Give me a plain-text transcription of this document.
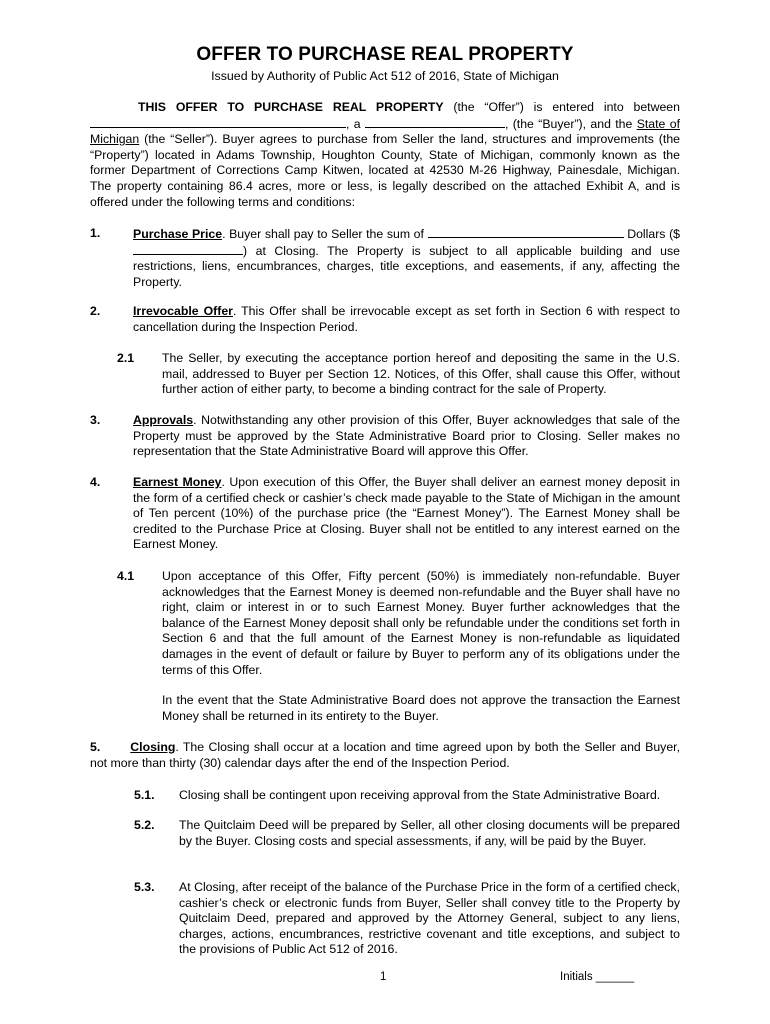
OFFER TO PURCHASE REAL PROPERTY
Issued by Authority of Public Act 512 of 2016, State of Michigan
THIS OFFER TO PURCHASE REAL PROPERTY (the “Offer”) is entered into between , a	, (the “Buyer”), and the State of Michigan (the “Seller”). Buyer agrees to purchase from Seller the land, structures and improvements (the “Property”) located in Adams Township, Houghton County, State of Michigan, commonly known as the former Department of Corrections Camp Kitwen, located at 42530 M-26 Highway, Painesdale, Michigan. The property containing 86.4 acres, more or less, is legally described on the attached Exhibit A, and is offered under the following terms and conditions:
1.	Purchase Price. Buyer shall pay to Seller the sum of	Dollars ($) at Closing. The Property is subject to all applicable building and use restrictions, liens, encumbrances, charges, title exceptions, and easements, if any, affecting the Property.
2.	Irrevocable Offer. This Offer shall be irrevocable except as set forth in Section 6 with respect to cancellation during the Inspection Period.
2.1 The Seller, by executing the acceptance portion hereof and depositing the same in the U.S. mail, addressed to Buyer per Section 12. Notices, of this Offer, shall cause this Offer, without further action of either party, to become a binding contract for the sale of Property.
3.	Approvals. Notwithstanding any other provision of this Offer, Buyer acknowledges that sale of the Property must be approved by the State Administrative Board prior to Closing. Seller makes no representation that the State Administrative Board will approve this Offer.
4.	Earnest Money. Upon execution of this Offer, the Buyer shall deliver an earnest money deposit in the form of a certified check or cashier’s check made payable to the State of Michigan in the amount of Ten percent (10%) of the purchase price (the “Earnest Money”). The Earnest Money shall be credited to the Purchase Price at Closing. Buyer shall not be entitled to any interest earned on the Earnest Money.
4.1 Upon acceptance of this Offer, Fifty percent (50%) is immediately non-refundable. Buyer acknowledges that the Earnest Money is deemed non-refundable and the Buyer shall have no right, claim or interest in or to such Earnest Money. Buyer further acknowledges that the balance of the Earnest Money deposit shall only be refundable under the conditions set forth in Section 6 and that the full amount of the Earnest Money is non-refundable as liquidated damages in the event of default or failure by Buyer to perform any of its obligations under the terms of this Offer.
In the event that the State Administrative Board does not approve the transaction the Earnest Money shall be returned in its entirety to the Buyer.
5. Closing. The Closing shall occur at a location and time agreed upon by both the Seller and Buyer, not more than thirty (30) calendar days after the end of the Inspection Period.
5.1. Closing shall be contingent upon receiving approval from the State Administrative Board.
5.2. The Quitclaim Deed will be prepared by Seller, all other closing documents will be prepared by the Buyer. Closing costs and special assessments, if any, will be paid by the Buyer.
5.3. At Closing, after receipt of the balance of the Purchase Price in the form of a certified check, cashier’s check or electronic funds from Buyer, Seller shall convey title to the Property by Quitclaim Deed, prepared and approved by the Attorney General, subject to any liens, charges, actions, encumbrances, restrictive covenant and title exceptions, and subject to the provisions of Public Act 512 of 2016.
1	Initials ______
